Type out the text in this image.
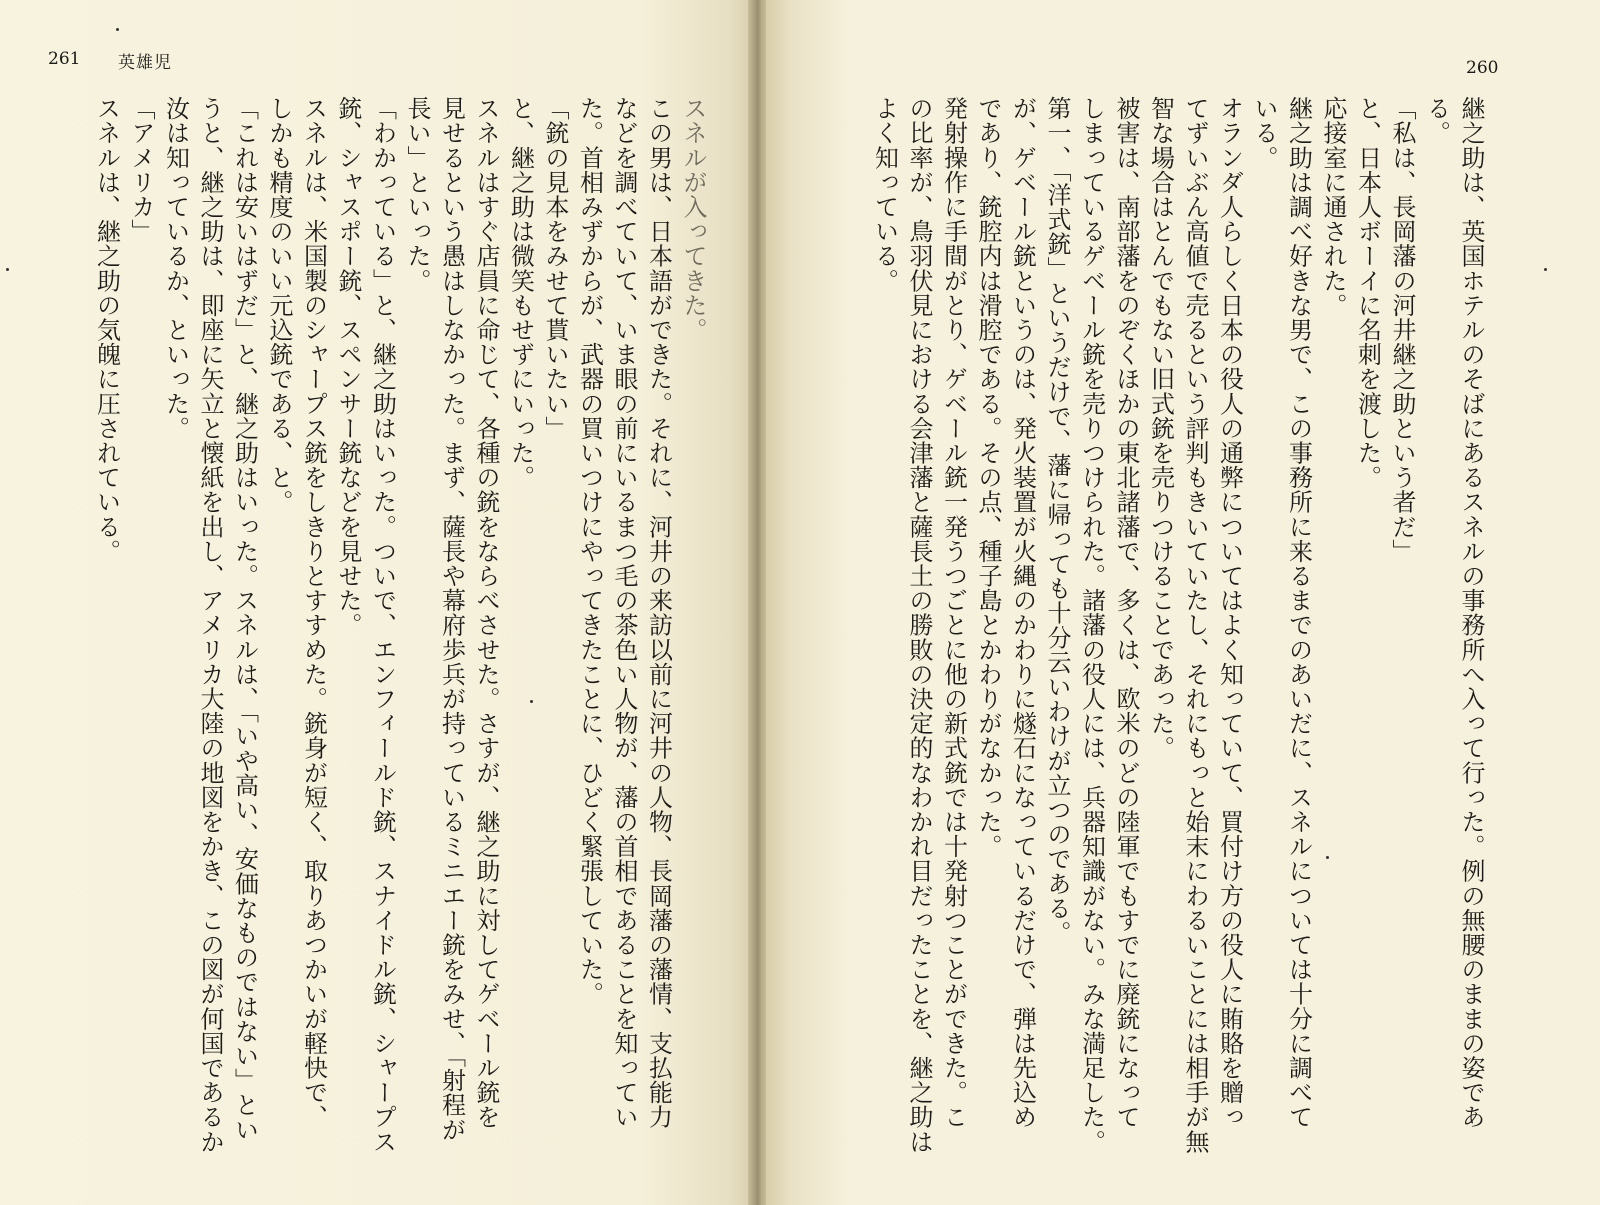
261 英雄児
スネルが入ってきた。
この男は、日本語ができた。それに、河井の来訪以前に河井の人物、長岡藩の藩情、支払能力
などを調べていて、いま眼の前にいるまつ毛の茶色い人物が、藩の首相であることを知ってい
た。首相みずからが、武器の買いつけにやってきたことに、ひどく緊張していた。
「銃の見本をみせて貰いたい」
と、継之助は微笑もせずにいった。
スネルはすぐ店員に命じて、各種の銃をならべさせた。さすが、継之助に対してゲベール銃を
見せるという愚はしなかった。まず、薩長や幕府歩兵が持っているミニエー銃をみせ、「射程が
長い」といった。
「わかっている」と、継之助はいった。ついで、エンフィールド銃、スナイドル銃、シャープス
銃、シャスポー銃、スペンサー銃などを見せた。
スネルは、米国製のシャープス銃をしきりとすすめた。銃身が短く、取りあつかいが軽快で、
しかも精度のいい元込銃である、と。
「これは安いはずだ」と、継之助はいった。スネルは、「いや高い、安価なものではない」とい
うと、継之助は、即座に矢立と懐紙を出し、アメリカ大陸の地図をかき、この図が何国であるか
汝は知っているか、といった。
「アメリカ」
スネルは、継之助の気魄に圧されている。
260
継之助は、英国ホテルのそばにあるスネルの事務所へ入って行った。例の無腰のままの姿であ
る。
「私は、長岡藩の河井継之助という者だ」
と、日本人ボーイに名刺を渡した。
応接室に通された。
継之助は調べ好きな男で、この事務所に来るまでのあいだに、スネルについては十分に調べて
いる。
オランダ人らしく日本の役人の通弊についてはよく知っていて、買付け方の役人に賄賂を贈っ
てずいぶん高値で売るという評判もきいていたし、それにもっと始末にわるいことには相手が無
智な場合はとんでもない旧式銃を売りつけることであった。
被害は、南部藩をのぞくほかの東北諸藩で、多くは、欧米のどの陸軍でもすでに廃銃になって
しまっているゲベール銃を売りつけられた。諸藩の役人には、兵器知識がない。みな満足した。
第一、「洋式銃」というだけで、藩に帰っても十分云いわけが立つのである。
が、ゲベール銃というのは、発火装置が火縄のかわりに燧石になっているだけで、弾は先込め
であり、銃腔内は滑腔である。その点、種子島とかわりがなかった。
発射操作に手間がとり、ゲベール銃一発うつごとに他の新式銃では十発射つことができた。こ
の比率が、鳥羽伏見における会津藩と薩長土の勝敗の決定的なわかれ目だったことを、継之助は
よく知っている。
